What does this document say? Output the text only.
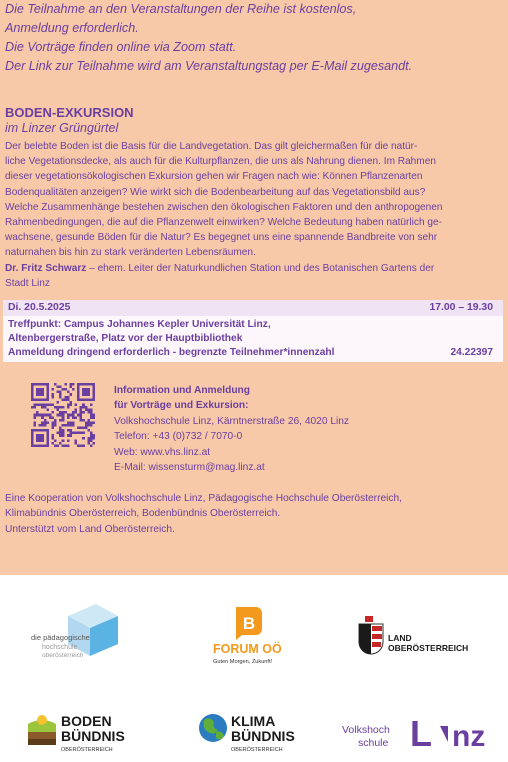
Die Teilnahme an den Veranstaltungen der Reihe ist kostenlos,
Anmeldung erforderlich.
Die Vorträge finden online via Zoom statt.
Der Link zur Teilnahme wird am Veranstaltungstag per E-Mail zugesandt.
BODEN-EXKURSION
im Linzer Grüngürtel
Der belebte Boden ist die Basis für die Landvegetation. Das gilt gleichermaßen für die natür-
liche Vegetationsdecke, als auch für die Kulturpflanzen, die uns als Nahrung dienen. Im Rahmen
dieser vegetationsökologischen Exkursion gehen wir Fragen nach wie: Können Pflanzenarten
Bodenqualitäten anzeigen? Wie wirkt sich die Bodenbearbeitung auf das Vegetationsbild aus?
Welche Zusammenhänge bestehen zwischen den ökologischen Faktoren und den anthropogenen
Rahmenbedingungen, die auf die Pflanzenwelt einwirken? Welche Bedeutung haben natürlich ge-
wachsene, gesunde Böden für die Natur? Es begegnet uns eine spannende Bandbreite von sehr
naturnahen bis hin zu stark veränderten Lebensräumen.
Dr. Fritz Schwarz – ehem. Leiter der Naturkundlichen Station und des Botanischen Gartens der
Stadt Linz
Di. 20.5.2025	17.00 – 19.30
Treffpunkt: Campus Johannes Kepler Universität Linz,
Altenbergerstraße, Platz vor der Hauptbibliothek
Anmeldung dringend erforderlich - begrenzte Teilnehmer*innenzahl	24.22397
Information und Anmeldung
für Vorträge und Exkursion:
Volkshochschule Linz, Kärntnerstraße 26, 4020 Linz
Telefon: +43 (0)732 / 7070-0
Web: www.vhs.linz.at
E-Mail: wissensturm@mag.linz.at
Eine Kooperation von Volkshochschule Linz, Pädagogische Hochschule Oberösterreich,
Klimabündnis Oberösterreich, Bodenbündnis Oberösterreich.
Unterstützt vom Land Oberösterreich.
die pädagogische
hochschule
oberösterreich
B
FORUM OÖ
Guten Morgen, Zukunft!
LAND
OBERÖSTERREICH
BODEN
BÜNDNIS
OBERÖSTERREICH
KLIMA
BÜNDNIS
OBERÖSTERREICH
Volkshoch
schule L nz
